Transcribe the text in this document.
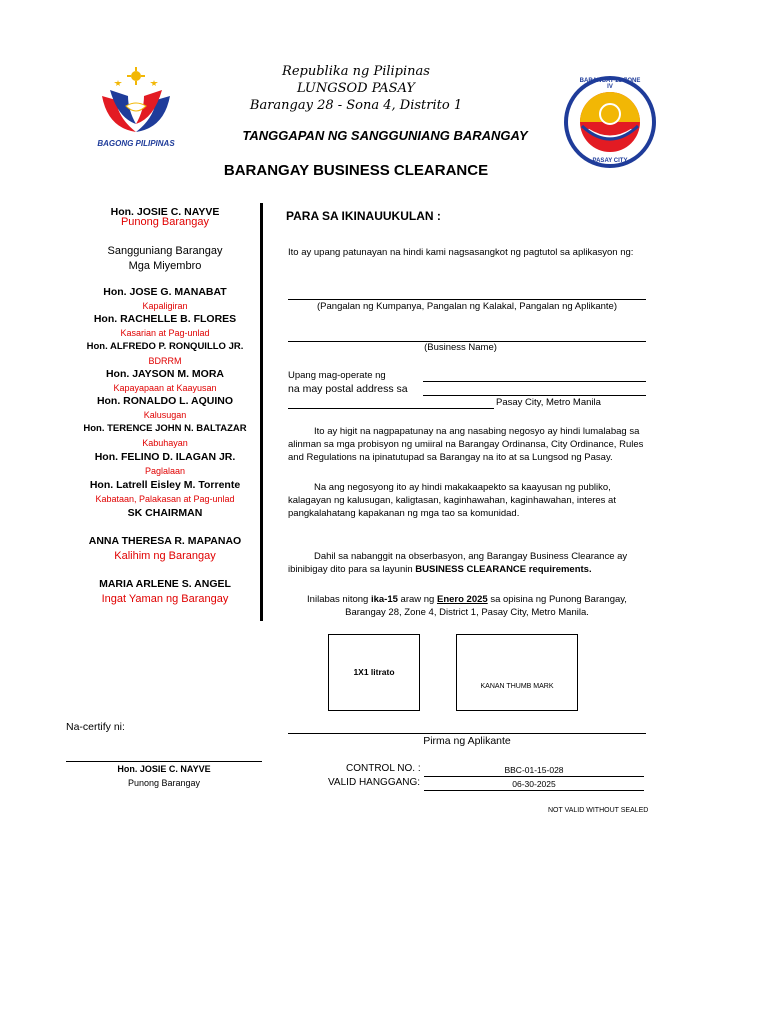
BAGONG PILIPINAS
BARANGAY 28 ZONE IV
PASAY CITY
Republika ng Pilipinas
LUNGSOD PASAY
Barangay 28 - Sona 4, Distrito 1
TANGGAPAN NG SANGGUNIANG BARANGAY
BARANGAY BUSINESS CLEARANCE
Hon. JOSIE C. NAYVE
Punong Barangay
Sangguniang Barangay
Mga Miyembro
Hon. JOSE G. MANABAT
Kapaligiran
Hon. RACHELLE B. FLORES
Kasarian at Pag-unlad
Hon. ALFREDO P. RONQUILLO JR.
BDRRM
Hon. JAYSON M. MORA
Kapayapaan at Kaayusan
Hon. RONALDO L. AQUINO
Kalusugan
Hon. TERENCE JOHN N. BALTAZAR
Kabuhayan
Hon. FELINO D. ILAGAN JR.
Paglalaan
Hon. Latrell Eisley M. Torrente
Kabataan, Palakasan at Pag-unlad
SK CHAIRMAN
ANNA THERESA R. MAPANAO
Kalihim ng Barangay
MARIA ARLENE S. ANGEL
Ingat Yaman ng Barangay
PARA SA IKINAUUKULAN :
Ito ay upang patunayan na hindi kami nagsasangkot ng pagtutol sa aplikasyon ng:
(Pangalan ng Kumpanya, Pangalan ng Kalakal, Pangalan ng Aplikante)
(Business Name)
Upang mag-operate ng
na may postal address sa
Pasay City, Metro Manila
Ito ay higit na nagpapatunay na ang nasabing negosyo ay hindi lumalabag sa alinman sa mga probisyon ng umiiral na Barangay Ordinansa, City Ordinance, Rules and Regulations na ipinatutupad sa Barangay na ito at sa Lungsod ng Pasay.
Na ang negosyong ito ay hindi makakaapekto sa kaayusan ng publiko, kalagayan ng kalusugan, kaligtasan, kaginhawahan, kaginhawahan, interes at pangkalahatang kapakanan ng mga tao sa komunidad.
Dahil sa nabanggit na obserbasyon, ang Barangay Business Clearance ay ibinibigay dito para sa layunin BUSINESS CLEARANCE requirements.
Inilabas nitong ika-15 araw ng Enero 2025 sa opisina ng Punong Barangay,
Barangay 28, Zone 4, District 1, Pasay City, Metro Manila.
1X1 litrato
KANAN THUMB MARK
Na-certify ni:
Hon. JOSIE C. NAYVE
Punong Barangay
Pirma ng Aplikante
CONTROL NO. :	BBC-01-15-028
VALID HANGGANG:	06-30-2025
NOT VALID WITHOUT SEALED
